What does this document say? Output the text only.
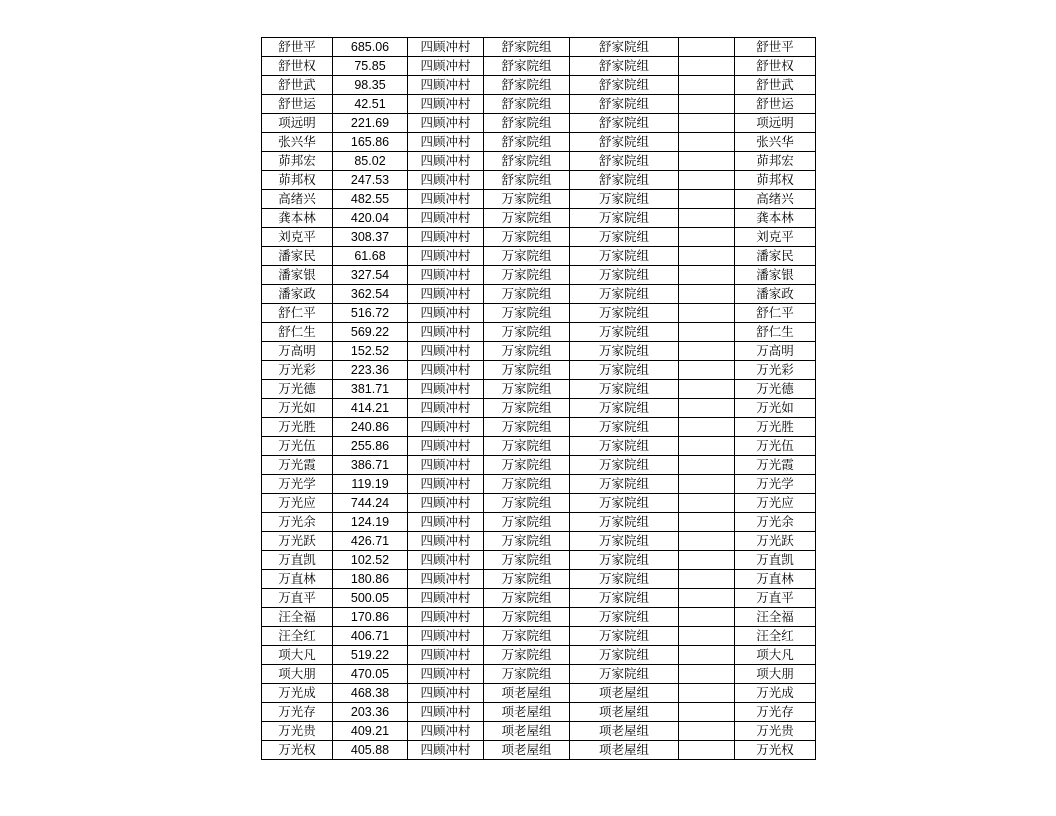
舒世平	685.06	四顾冲村	舒家院组	舒家院组		舒世平
舒世权	75.85	四顾冲村	舒家院组	舒家院组		舒世权
舒世武	98.35	四顾冲村	舒家院组	舒家院组		舒世武
舒世运	42.51	四顾冲村	舒家院组	舒家院组		舒世运
项远明	221.69	四顾冲村	舒家院组	舒家院组		项远明
张兴华	165.86	四顾冲村	舒家院组	舒家院组		张兴华
茆邦宏	85.02	四顾冲村	舒家院组	舒家院组		茆邦宏
茆邦权	247.53	四顾冲村	舒家院组	舒家院组		茆邦权
高绪兴	482.55	四顾冲村	万家院组	万家院组		高绪兴
龚本林	420.04	四顾冲村	万家院组	万家院组		龚本林
刘克平	308.37	四顾冲村	万家院组	万家院组		刘克平
潘家民	61.68	四顾冲村	万家院组	万家院组		潘家民
潘家银	327.54	四顾冲村	万家院组	万家院组		潘家银
潘家政	362.54	四顾冲村	万家院组	万家院组		潘家政
舒仁平	516.72	四顾冲村	万家院组	万家院组		舒仁平
舒仁生	569.22	四顾冲村	万家院组	万家院组		舒仁生
万高明	152.52	四顾冲村	万家院组	万家院组		万高明
万光彩	223.36	四顾冲村	万家院组	万家院组		万光彩
万光德	381.71	四顾冲村	万家院组	万家院组		万光德
万光如	414.21	四顾冲村	万家院组	万家院组		万光如
万光胜	240.86	四顾冲村	万家院组	万家院组		万光胜
万光伍	255.86	四顾冲村	万家院组	万家院组		万光伍
万光霞	386.71	四顾冲村	万家院组	万家院组		万光霞
万光学	119.19	四顾冲村	万家院组	万家院组		万光学
万光应	744.24	四顾冲村	万家院组	万家院组		万光应
万光余	124.19	四顾冲村	万家院组	万家院组		万光余
万光跃	426.71	四顾冲村	万家院组	万家院组		万光跃
万直凯	102.52	四顾冲村	万家院组	万家院组		万直凯
万直林	180.86	四顾冲村	万家院组	万家院组		万直林
万直平	500.05	四顾冲村	万家院组	万家院组		万直平
汪全福	170.86	四顾冲村	万家院组	万家院组		汪全福
汪全红	406.71	四顾冲村	万家院组	万家院组		汪全红
项大凡	519.22	四顾冲村	万家院组	万家院组		项大凡
项大朋	470.05	四顾冲村	万家院组	万家院组		项大朋
万光成	468.38	四顾冲村	项老屋组	项老屋组		万光成
万光存	203.36	四顾冲村	项老屋组	项老屋组		万光存
万光贵	409.21	四顾冲村	项老屋组	项老屋组		万光贵
万光权	405.88	四顾冲村	项老屋组	项老屋组		万光权
